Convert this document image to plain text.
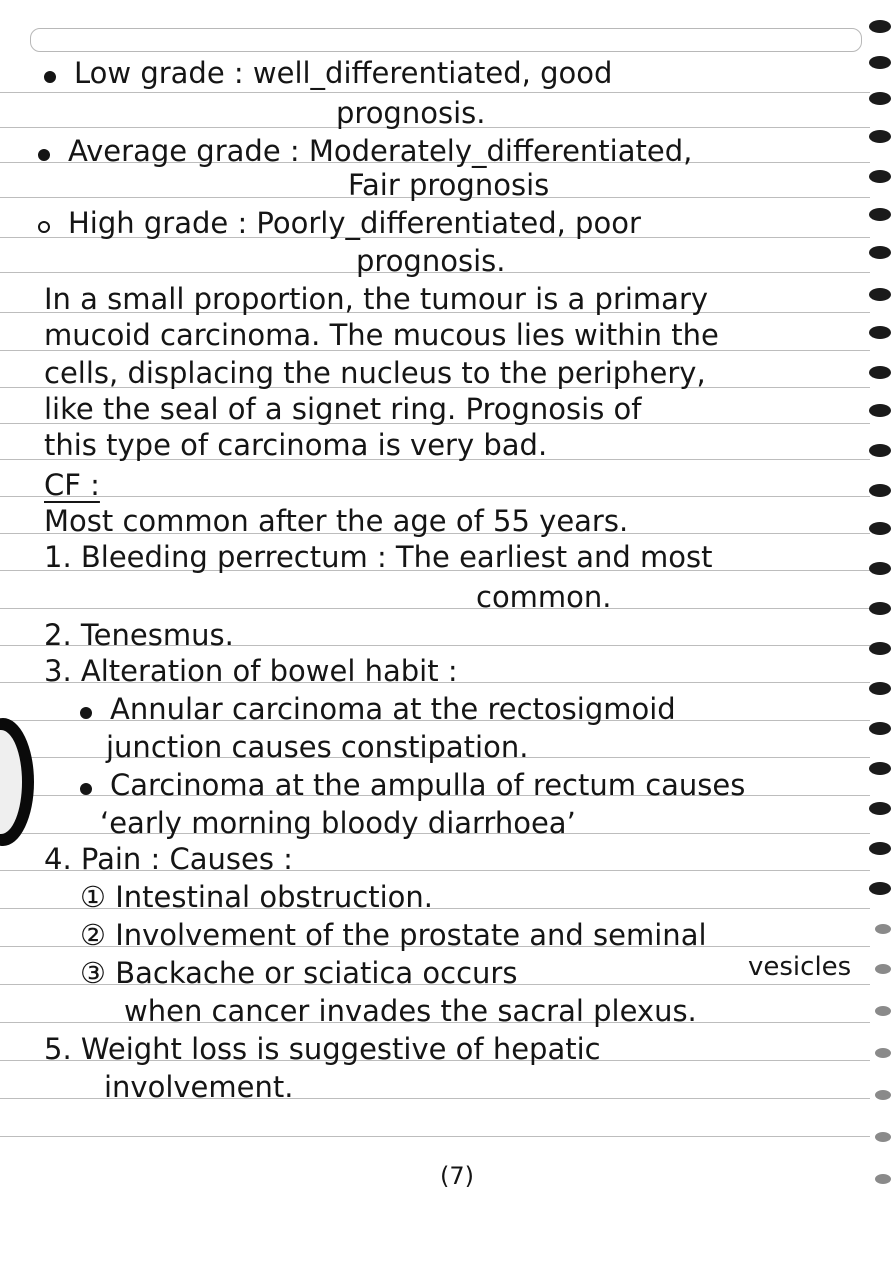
Low grade : well_differentiated, good
prognosis.
Average grade : Moderately_differentiated,
Fair prognosis
High grade : Poorly_differentiated, poor
prognosis.
In a small proportion, the tumour is a primary
mucoid carcinoma. The mucous lies within the
cells, displacing the nucleus to the periphery,
like the seal of a signet ring. Prognosis of
this type of carcinoma is very bad.
CF :
Most common after the age of 55 years.
1. Bleeding perrectum : The earliest and most
common.
2. Tenesmus.
3. Alteration of bowel habit :
Annular carcinoma at the rectosigmoid
junction causes constipation.
Carcinoma at the ampulla of rectum causes
‘early morning bloody diarrhoea’
4. Pain : Causes :
① Intestinal obstruction.
② Involvement of the prostate and seminal
vesicles
③ Backache or sciatica occurs
when cancer invades the sacral plexus.
5. Weight loss is suggestive of hepatic
involvement.
(7)
